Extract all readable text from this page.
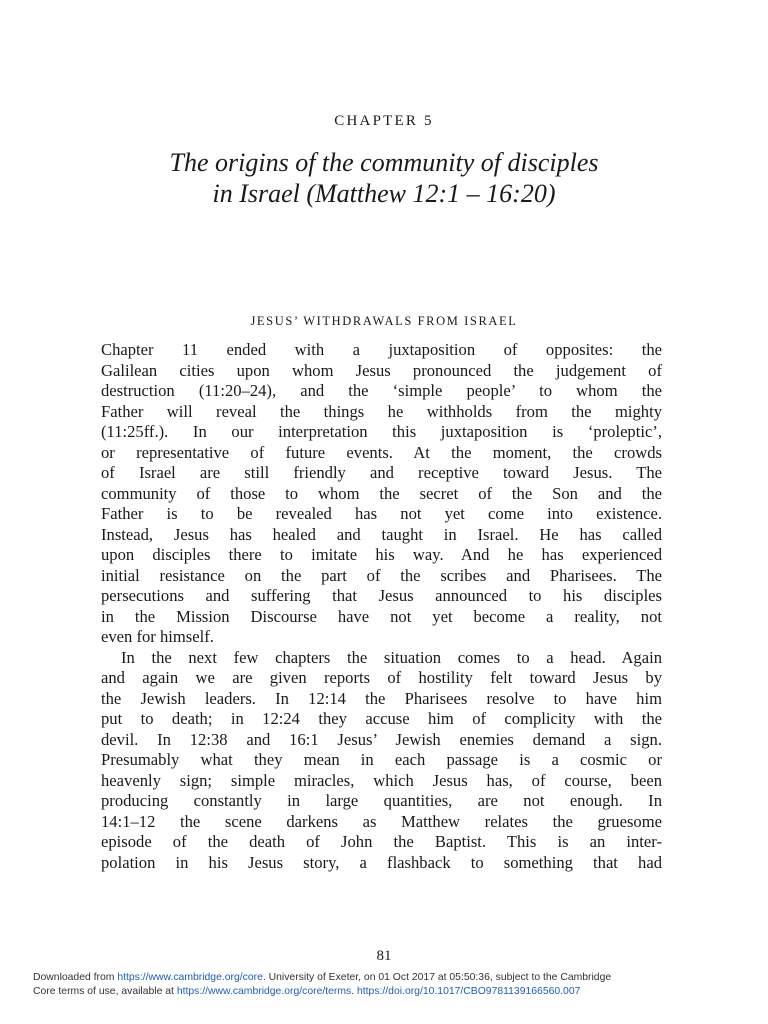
CHAPTER 5
The origins of the community of disciples
in Israel (Matthew 12:1 – 16:20)
JESUS’ WITHDRAWALS FROM ISRAEL
Chapter 11 ended with a juxtaposition of opposites: the
Galilean cities upon whom Jesus pronounced the judgement of
destruction (11:20–24), and the ‘simple people’ to whom the
Father will reveal the things he withholds from the mighty
(11:25ff.). In our interpretation this juxtaposition is ‘proleptic’,
or representative of future events. At the moment, the crowds
of Israel are still friendly and receptive toward Jesus. The
community of those to whom the secret of the Son and the
Father is to be revealed has not yet come into existence.
Instead, Jesus has healed and taught in Israel. He has called
upon disciples there to imitate his way. And he has experienced
initial resistance on the part of the scribes and Pharisees. The
persecutions and suffering that Jesus announced to his disciples
in the Mission Discourse have not yet become a reality, not
even for himself.
In the next few chapters the situation comes to a head. Again
and again we are given reports of hostility felt toward Jesus by
the Jewish leaders. In 12:14 the Pharisees resolve to have him
put to death; in 12:24 they accuse him of complicity with the
devil. In 12:38 and 16:1 Jesus’ Jewish enemies demand a sign.
Presumably what they mean in each passage is a cosmic or
heavenly sign; simple miracles, which Jesus has, of course, been
producing constantly in large quantities, are not enough. In
14:1–12 the scene darkens as Matthew relates the gruesome
episode of the death of John the Baptist. This is an inter-
polation in his Jesus story, a flashback to something that had
81
Downloaded from https://www.cambridge.org/core. University of Exeter, on 01 Oct 2017 at 05:50:36, subject to the Cambridge
Core terms of use, available at https://www.cambridge.org/core/terms. https://doi.org/10.1017/CBO9781139166560.007
